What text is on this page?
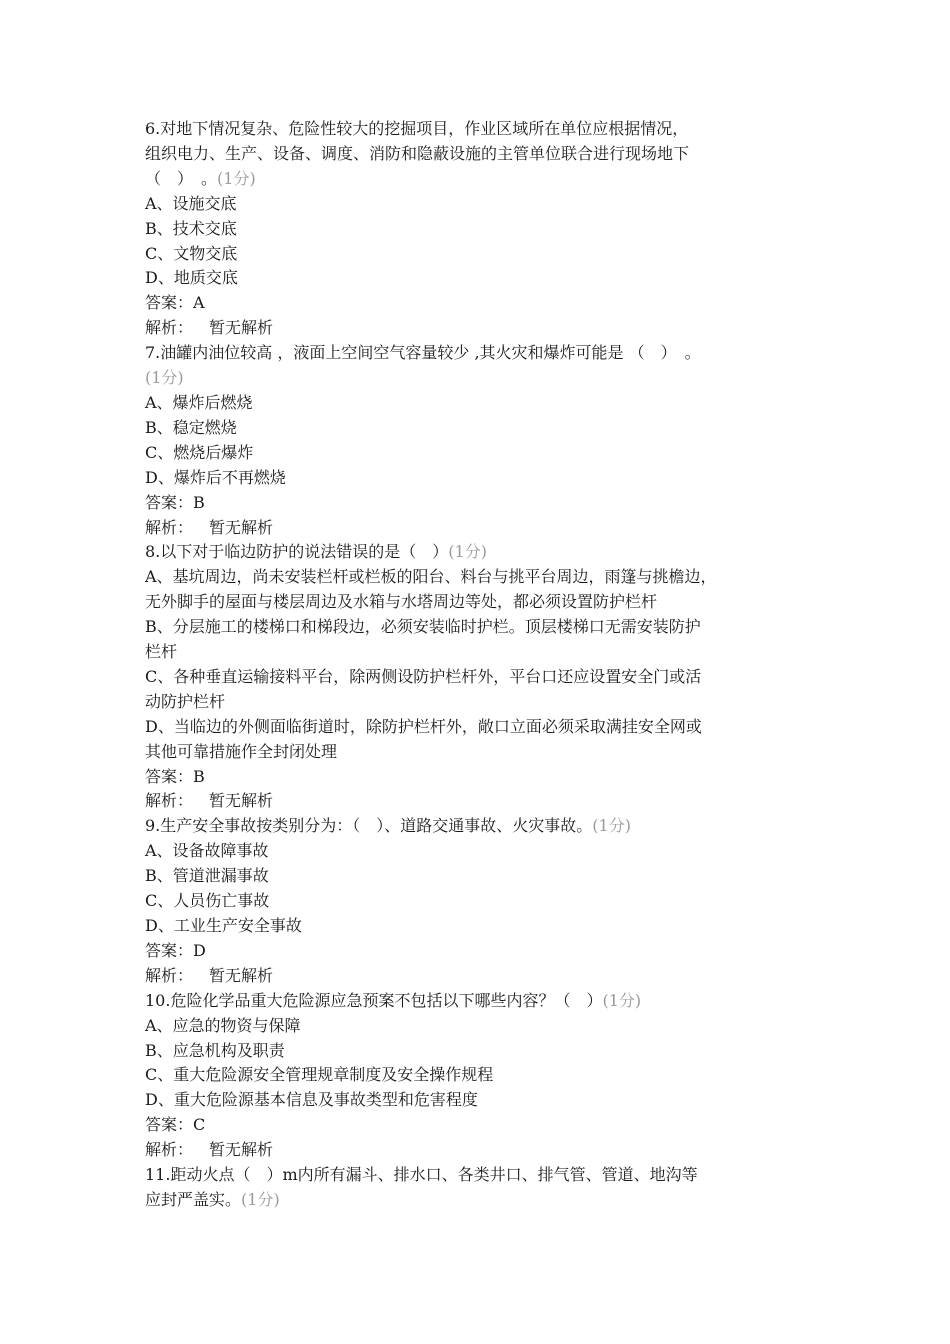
6.对地下情况复杂、危险性较大的挖掘项目，作业区域所在单位应根据情况，
组织电力、生产、设备、调度、消防和隐蔽设施的主管单位联合进行现场地下
（　）　。(1分)
A、设施交底
B、技术交底
C、文物交底
D、地质交底
答案：A
解析： 暂无解析
7.油罐内油位较高 ，液面上空间空气容量较少 ,其火灾和爆炸可能是 （　）　。
(1分)
A、爆炸后燃烧
B、稳定燃烧
C、燃烧后爆炸
D、爆炸后不再燃烧
答案：B
解析： 暂无解析
8.以下对于临边防护的说法错误的是（　）(1分)
A、基坑周边，尚未安装栏杆或栏板的阳台、料台与挑平台周边，雨篷与挑檐边，
无外脚手的屋面与楼层周边及水箱与水塔周边等处，都必须设置防护栏杆
B、分层施工的楼梯口和梯段边，必须安装临时护栏。顶层楼梯口无需安装防护
栏杆
C、各种垂直运输接料平台，除两侧设防护栏杆外，平台口还应设置安全门或活
动防护栏杆
D、当临边的外侧面临街道时，除防护栏杆外，敞口立面必须采取满挂安全网或
其他可靠措施作全封闭处理
答案：B
解析： 暂无解析
9.生产安全事故按类别分为：（　）、道路交通事故、火灾事故。(1分)
A、设备故障事故
B、管道泄漏事故
C、人员伤亡事故
D、工业生产安全事故
答案：D
解析： 暂无解析
10.危险化学品重大危险源应急预案不包括以下哪些内容？（　）(1分)
A、应急的物资与保障
B、应急机构及职责
C、重大危险源安全管理规章制度及安全操作规程
D、重大危险源基本信息及事故类型和危害程度
答案：C
解析： 暂无解析
11.距动火点（　）m内所有漏斗、排水口、各类井口、排气管、管道、地沟等
应封严盖实。(1分)
